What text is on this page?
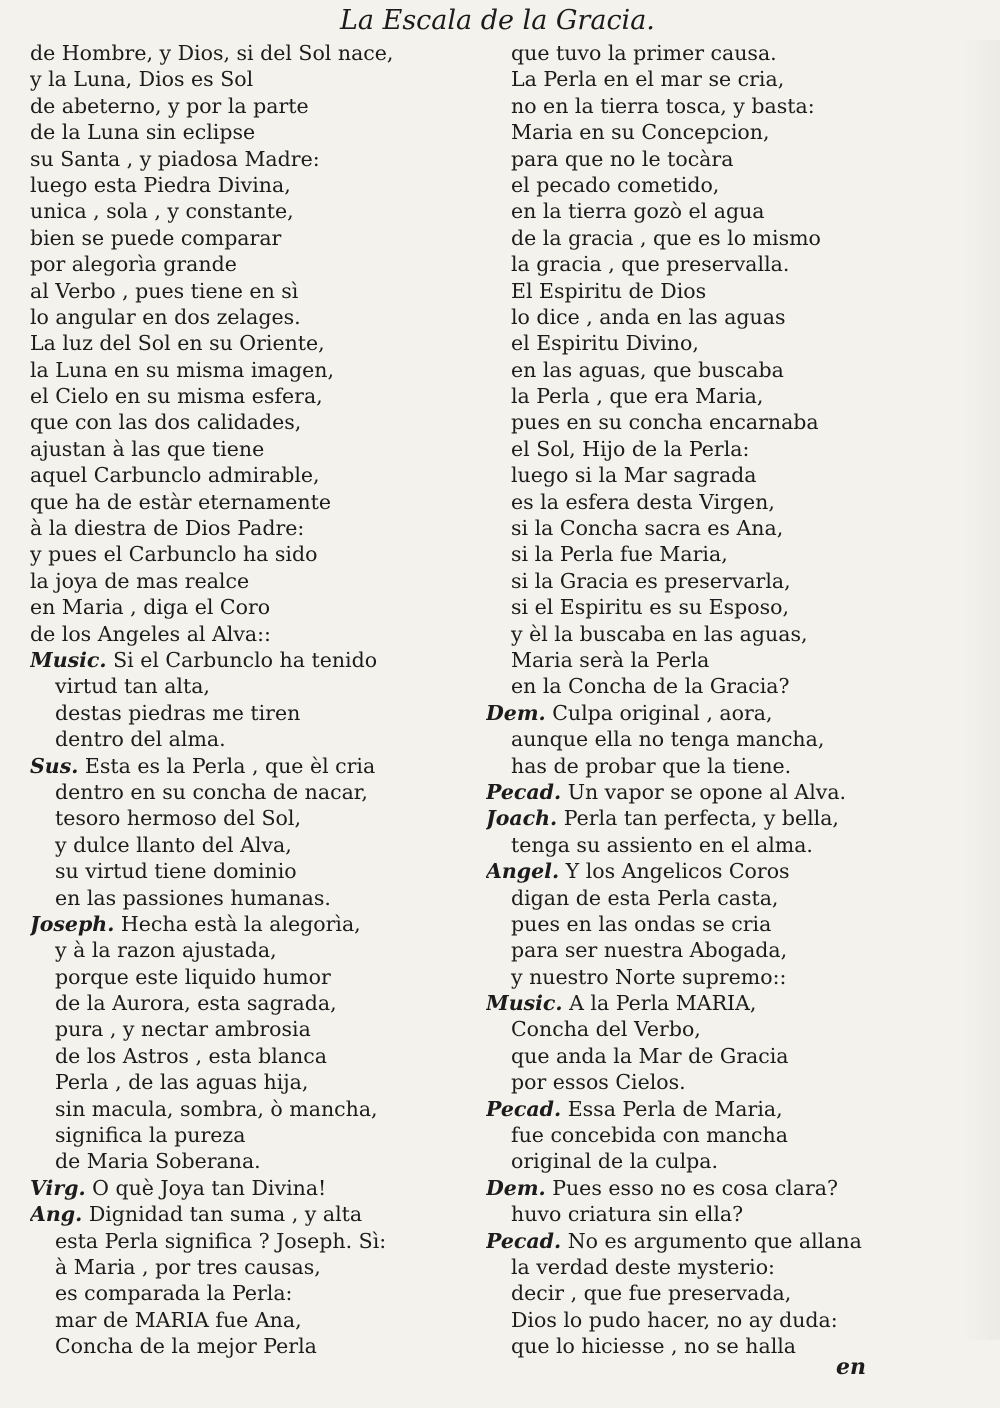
La Escala de la Gracia.
de Hombre, y Dios, si del Sol nace,
y la Luna, Dios es Sol
de abeterno, y por la parte
de la Luna sin eclipse
su Santa , y piadosa Madre:
luego esta Piedra Divina,
unica , sola , y constante,
bien se puede comparar
por alegorìa grande
al Verbo , pues tiene en sì
lo angular en dos zelages.
La luz del Sol en su Oriente,
la Luna en su misma imagen,
el Cielo en su misma esfera,
que con las dos calidades,
ajustan à las que tiene
aquel Carbunclo admirable,
que ha de estàr eternamente
à la diestra de Dios Padre:
y pues el Carbunclo ha sido
la joya de mas realce
en Maria , diga el Coro
de los Angeles al Alva::
Music. Si el Carbunclo ha tenido
virtud tan alta,
destas piedras me tiren
dentro del alma.
Sus. Esta es la Perla , que èl cria
dentro en su concha de nacar,
tesoro hermoso del Sol,
y dulce llanto del Alva,
su virtud tiene dominio
en las passiones humanas.
Joseph. Hecha està la alegorìa,
y à la razon ajustada,
porque este liquido humor
de la Aurora, esta sagrada,
pura , y nectar ambrosia
de los Astros , esta blanca
Perla , de las aguas hija,
sin macula, sombra, ò mancha,
significa la pureza
de Maria Soberana.
Virg. O què Joya tan Divina!
Ang. Dignidad tan suma , y alta
esta Perla significa ? Joseph. Sì:
à Maria , por tres causas,
es comparada la Perla:
mar de MARIA fue Ana,
Concha de la mejor Perla
que tuvo la primer causa.
La Perla en el mar se cria,
no en la tierra tosca, y basta:
Maria en su Concepcion,
para que no le tocàra
el pecado cometido,
en la tierra gozò el agua
de la gracia , que es lo mismo
la gracia , que preservalla.
El Espiritu de Dios
lo dice , anda en las aguas
el Espiritu Divino,
en las aguas, que buscaba
la Perla , que era Maria,
pues en su concha encarnaba
el Sol, Hijo de la Perla:
luego si la Mar sagrada
es la esfera desta Virgen,
si la Concha sacra es Ana,
si la Perla fue Maria,
si la Gracia es preservarla,
si el Espiritu es su Esposo,
y èl la buscaba en las aguas,
Maria serà la Perla
en la Concha de la Gracia?
Dem. Culpa original , aora,
aunque ella no tenga mancha,
has de probar que la tiene.
Pecad. Un vapor se opone al Alva.
Joach. Perla tan perfecta, y bella,
tenga su assiento en el alma.
Angel. Y los Angelicos Coros
digan de esta Perla casta,
pues en las ondas se cria
para ser nuestra Abogada,
y nuestro Norte supremo::
Music. A la Perla MARIA,
Concha del Verbo,
que anda la Mar de Gracia
por essos Cielos.
Pecad. Essa Perla de Maria,
fue concebida con mancha
original de la culpa.
Dem. Pues esso no es cosa clara?
huvo criatura sin ella?
Pecad. No es argumento que allana
la verdad deste mysterio:
decir , que fue preservada,
Dios lo pudo hacer, no ay duda:
que lo hiciesse , no se halla
en
